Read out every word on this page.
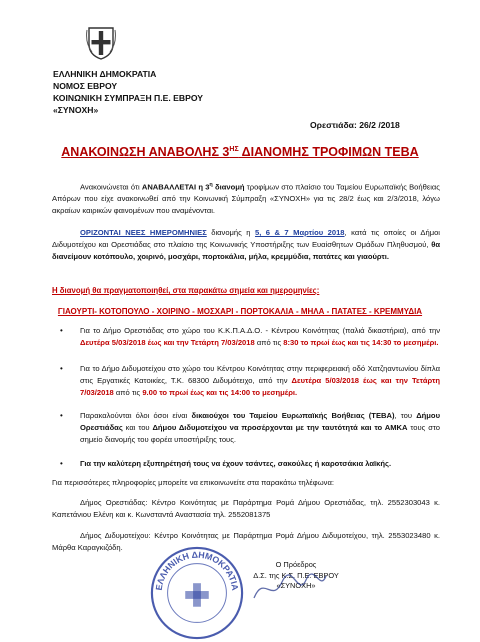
ΕΛΛΗΝΙΚΗ ΔΗΜΟΚΡΑΤΙΑ
ΝΟΜΟΣ ΕΒΡΟΥ
ΚΟΙΝΩΝΙΚΗ ΣΥΜΠΡΑΞΗ Π.Ε. ΕΒΡΟΥ
«ΣΥΝΟΧΗ»
Ορεστιάδα: 26/2 /2018
ΑΝΑΚΟΙΝΩΣΗ ΑΝΑΒΟΛΗΣ $3^{H\Sigma}$ ΔΙΑΝΟΜΗΣ ΤΡΟΦΙΜΩΝ ΤΕΒΑ
Ανακοινώνεται ότι ΑΝΑΒΑΛΛΕΤΑΙ η $3^\eta$ διανομή τροφίμων στο πλαίσιο του Ταμείου Ευρωπαϊκής Βοήθειας Απόρων που είχε ανακοινωθεί από την Κοινωνική Σύμπραξη «ΣΥΝΟΧΗ» για τις 28/2 έως και 2/3/2018, λόγω ακραίων καιρικών φαινομένων που αναμένονται.
ΟΡΙΖΟΝΤΑΙ ΝΕΕΣ ΗΜΕΡΟΜΗΝΙΕΣ διανομής η 5, 6 & 7 Μαρτίου 2018, κατά τις οποίες οι Δήμοι Διδυμοτείχου και Ορεστιάδας στο πλαίσιο της Κοινωνικής Υποστήριξης των Ευαίσθητων Ομάδων Πληθυσμού, θα διανείμουν κοτόπουλο, χοιρινό, μοσχάρι, πορτοκάλια, μήλα, κρεμμύδια, πατάτες και γιαούρτι.
Η διανομή θα πραγματοποιηθεί, στα παρακάτω σημεία και ημερομηνίες:
ΓΙΑΟΥΡΤΙ- ΚΟΤΟΠΟΥΛΟ - ΧΟΙΡΙΝΟ - ΜΟΣΧΑΡΙ - ΠΟΡΤΟΚΑΛΙΑ - ΜΗΛΑ - ΠΑΤΑΤΕΣ - ΚΡΕΜΜΥΔΙΑ
•	Για το Δήμο Ορεστιάδας στο χώρο του Κ.Κ.Π.Α.Δ.Ο. - Κέντρου Κοινότητας (παλιά δικαστήρια), από την Δευτέρα 5/03/2018 έως και την Τετάρτη 7/03/2018 από τις 8:30 το πρωί έως και τις 14:30 το μεσημέρι.
•	Για το Δήμο Διδυμοτείχου στο χώρο του Κέντρου Κοινότητας στην περιφερειακή οδό Χατζηαντωνίου δίπλα στις Εργατικές Κατοικίες, Τ.Κ. 68300 Διδυμότειχο, από την Δευτέρα 5/03/2018 έως και την Τετάρτη 7/03/2018 από τις 9.00 το πρωί έως και τις 14:00 το μεσημέρι.
•	Παρακαλούνται όλοι όσοι είναι δικαιούχοι του Ταμείου Ευρωπαϊκής Βοήθειας (ΤΕΒΑ), του Δήμου Ορεστιάδας και του Δήμου Διδυμοτείχου να προσέρχονται με την ταυτότητά και το ΑΜΚΑ τους στο σημείο διανομής του φορέα υποστήριξης τους.
•	Για την καλύτερη εξυπηρέτησή τους να έχουν τσάντες, σακούλες ή καροτσάκια λαϊκής.
Για περισσότερες πληροφορίες μπορείτε να επικοινωνείτε στα παρακάτω τηλέφωνα:
Δήμος Ορεστιάδας: Κέντρο Κοινότητας με Παράρτημα Ρομά Δήμου Ορεστιάδας, τηλ. 2552303043 κ. Καπετάνιου Ελένη και κ. Κωνσταντά Αναστασία τηλ. 2552081375
Δήμος Διδυμοτείχου: Κέντρο Κοινότητας με Παράρτημα Ρομά Δήμου Διδυμοτείχου, τηλ. 2553023480 κ. Μάρθα Καραγκιζόδη.
ΕΛΛΗΝΙΚΗ ΔΗΜΟΚΡΑΤΙΑ
Ο Πρόεδρος
Δ.Σ. της Κ.Σ. Π.Ε. ΕΒΡΟΥ
«ΣΥΝΟΧΗ»
